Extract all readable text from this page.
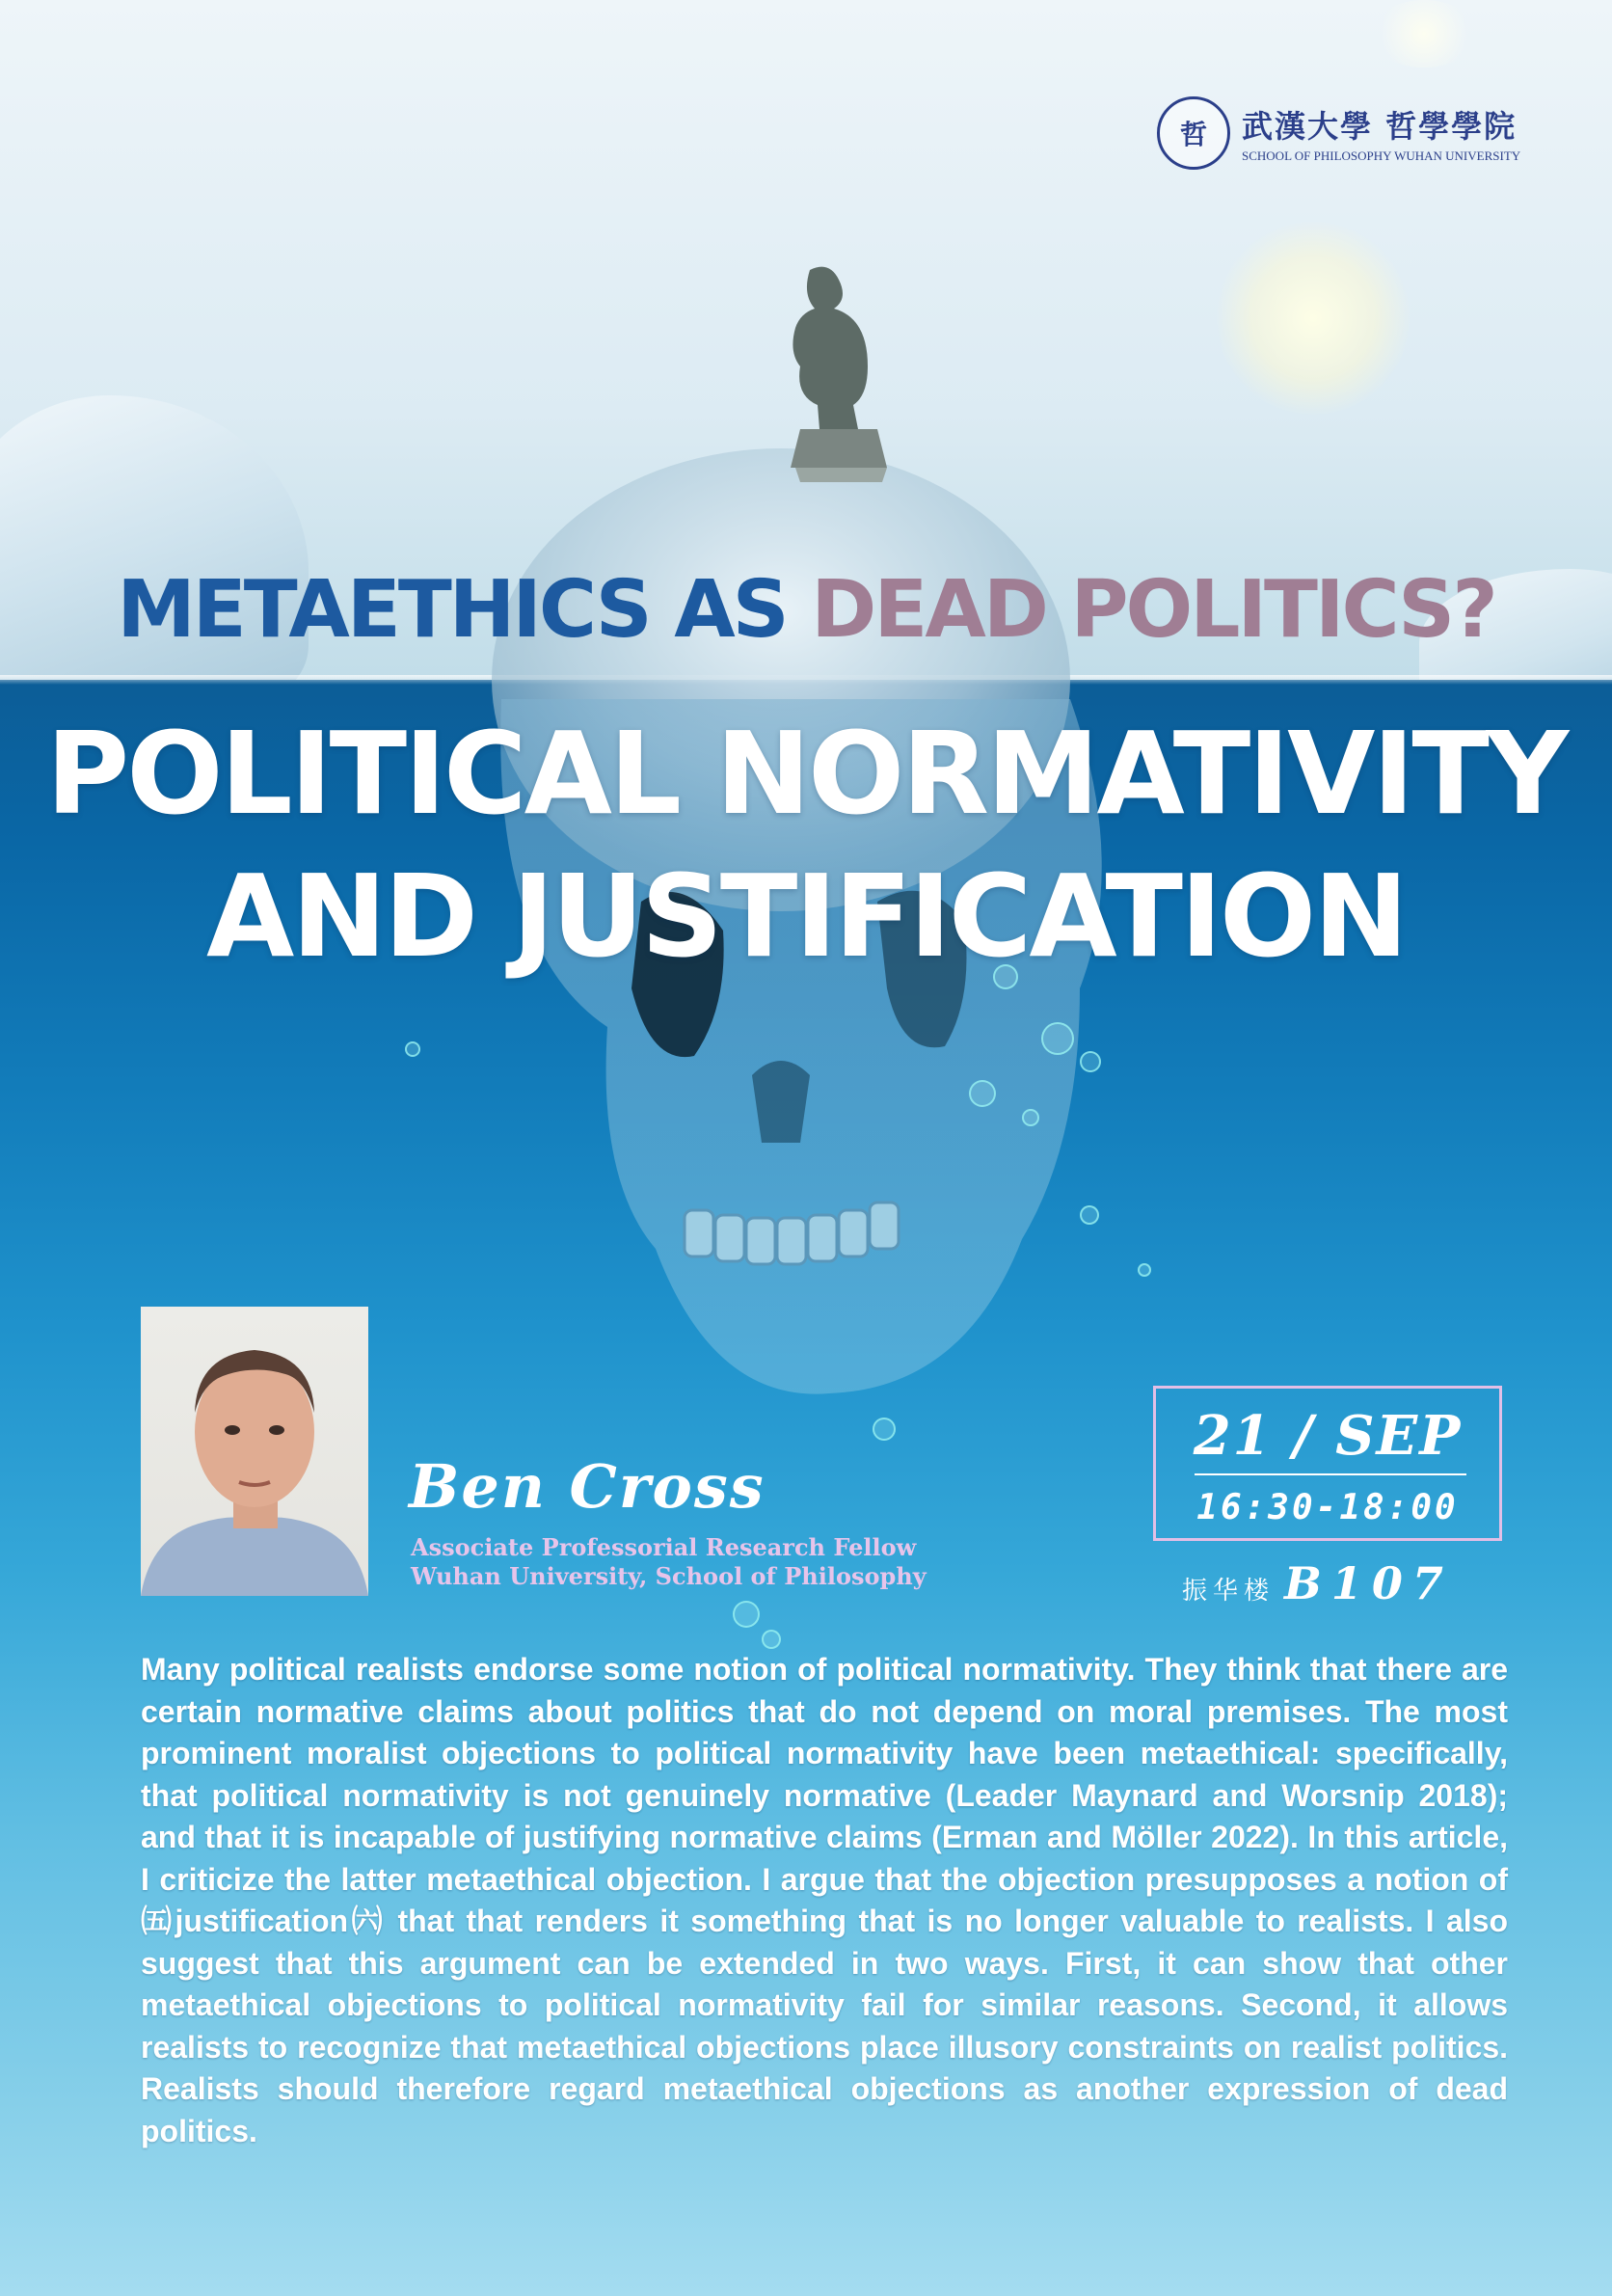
哲	武漢大學 哲學學院
SCHOOL OF PHILOSOPHY WUHAN UNIVERSITY
METAETHICS AS DEAD POLITICS?
POLITICAL NORMATIVITY
AND JUSTIFICATION
Ben Cross
Associate Professorial Research Fellow
Wuhan University, School of Philosophy
21 / SEP
16:30-18:00
振华楼 B107
Many political realists endorse some notion of political normativity. They think that there are certain normative claims about politics that do not depend on moral premises. The most prominent moralist objections to political normativity have been metaethical: specifically, that political normativity is not genuinely normative (Leader Maynard and Worsnip 2018); and that it is incapable of justifying normative claims (Erman and Möller 2022). In this article, I criticize the latter metaethical objection. I argue that the objection presupposes a notion of ㈤justification㈥ that that renders it something that is no longer valuable to realists. I also suggest that this argument can be extended in two ways. First, it can show that other metaethical objections to political normativity fail for similar reasons. Second, it allows realists to recognize that metaethical objections place illusory constraints on realist politics. Realists should therefore regard metaethical objections as another expression of dead politics.
